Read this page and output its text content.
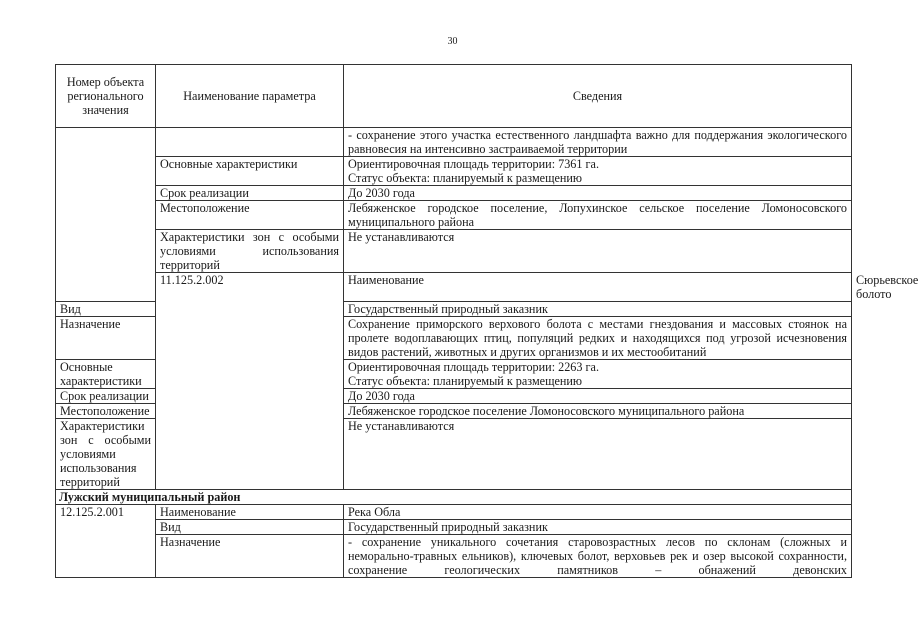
30
Номер объекта регионального значения	Наименование параметра	Сведения	
		- сохранение этого участка естественного ландшафта важно для поддержания экологического равновесия на интенсивно застраиваемой территории	
	Основные характеристики	Ориентировочная площадь территории: 7361 га.
Статус объекта: планируемый к размещению	

	Срок реализации	До 2030 года	
	Местоположение	Лебяженское городское поселение, Лопухинское сельское поселение Ломоносовского муниципального района	
	Характеристики зон с особыми условиями использования территорий	Не устанавливаются	
	11.125.2.002	Наименование	Сюрьевское болото
Вид		Государственный природный заказник	
Назначение		Сохранение приморского верхового болота с местами гнездования и массовых стоянок на пролете водоплавающих птиц, популяций редких и находящихся под угрозой исчезновения видов растений, животных и других организмов и их местообитаний	
Основные характеристики		Ориентировочная площадь территории: 2263 га.
Статус объекта: планируемый к размещению	

Срок реализации		До 2030 года	
Местоположение		Лебяженское городское поселение Ломоносовского муниципального района	
Характеристики зон с особыми условиями использования территорий		Не устанавливаются	
Лужский муниципальный район			
12.125.2.001	Наименование	Река Обла	
	Вид	Государственный природный заказник	
	Назначение	- сохранение уникального сочетания старовозрастных лесов по склонам (сложных и неморально-травных ельников), ключевых болот, верховьев рек и озер высокой сохранности, сохранение геологических памятников – обнажений девонских	
